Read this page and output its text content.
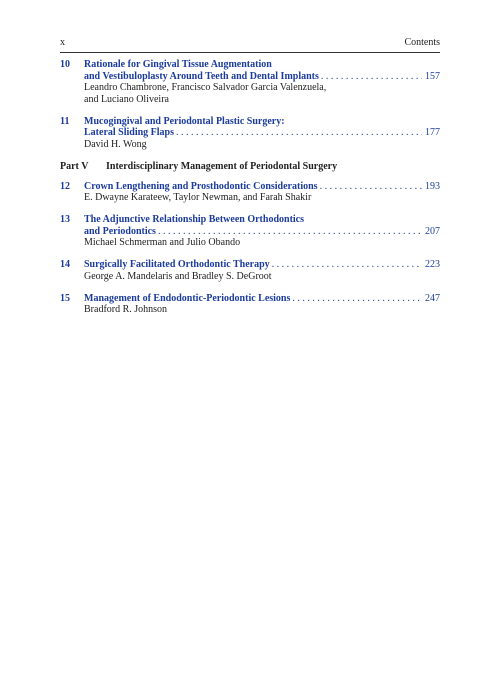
x	Contents
10 Rationale for Gingival Tissue Augmentation
and Vestibuloplasty Around Teeth and Dental Implants . . .	157
Leandro Chambrone, Francisco Salvador Garcia Valenzuela,
and Luciano Oliveira
11 Mucogingival and Periodontal Plastic Surgery:
Lateral Sliding Flaps . . .	177
David H. Wong
Part V Interdisciplinary Management of Periodontal Surgery
12 Crown Lengthening and Prosthodontic Considerations . . .	193
E. Dwayne Karateew, Taylor Newman, and Farah Shakir
13 The Adjunctive Relationship Between Orthodontics
and Periodontics . . .	207
Michael Schmerman and Julio Obando
14 Surgically Facilitated Orthodontic Therapy . . .	223
George A. Mandelaris and Bradley S. DeGroot
15 Management of Endodontic-Periodontic Lesions . . .	247
Bradford R. Johnson
